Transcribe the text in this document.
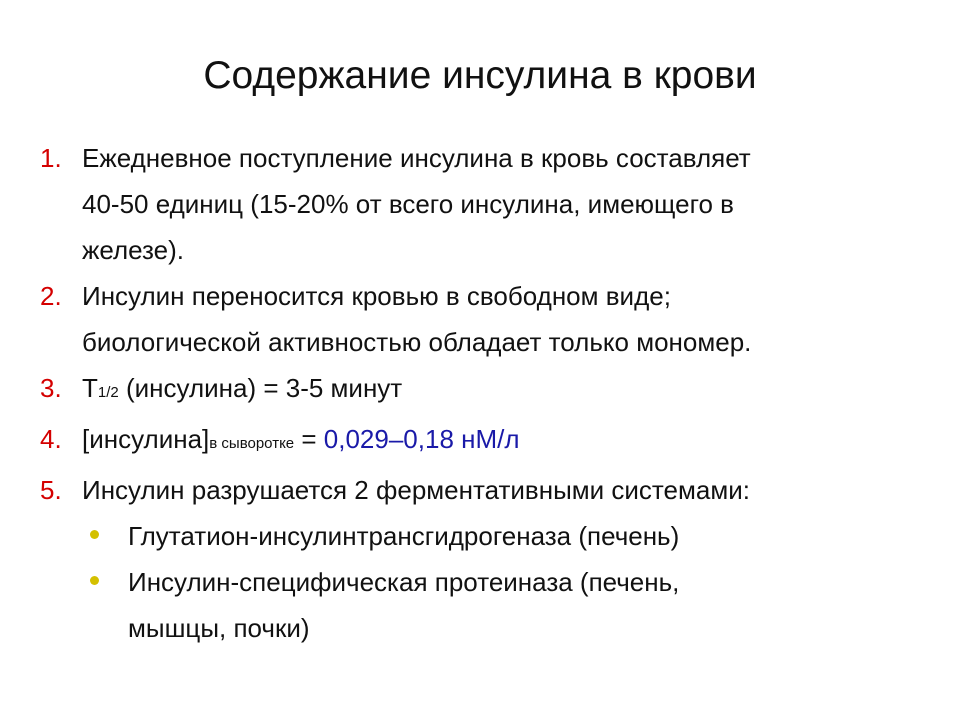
Содержание инсулина в крови
1. Ежедневное поступление инсулина в кровь составляет
40-50 единиц (15-20% от всего инсулина, имеющего в
железе).
2. Инсулин переносится кровью в свободном виде;
биологической активностью обладает только мономер.
3. Т1/2 (инсулина) = 3-5 минут
4. [инсулина]в сыворотке = 0,029–0,18 нМ/л
5. Инсулин разрушается 2 ферментативными системами:
Глутатион-инсулинтрансгидрогеназа (печень)
Инсулин-специфическая протеиназа (печень,
мышцы, почки)
